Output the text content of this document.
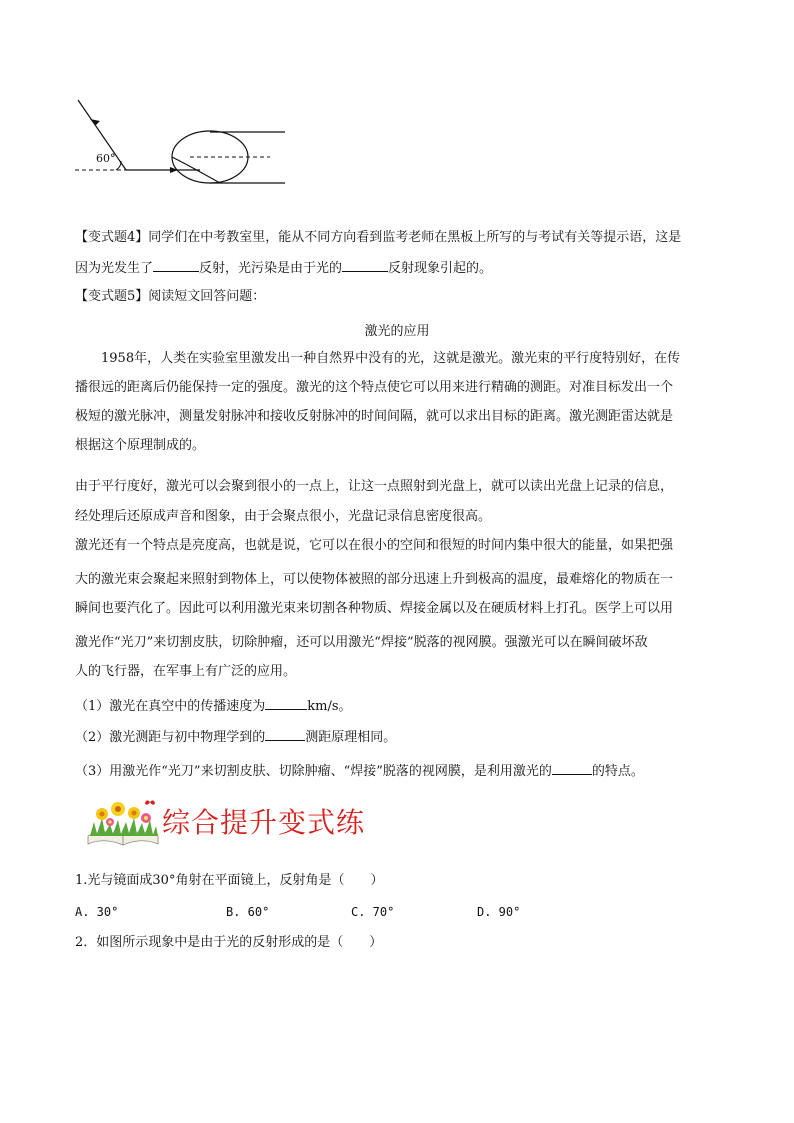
60°
【变式题4】同学们在中考教室里，能从不同方向看到监考老师在黑板上所写的与考试有关等提示语，这是
因为光发生了	反射，光污染是由于光的	反射现象引起的。
【变式题5】阅读短文回答问题：
激光的应用
1958年，人类在实验室里激发出一种自然界中没有的光，这就是激光。激光束的平行度特别好，在传
播很远的距离后仍能保持一定的强度。激光的这个特点使它可以用来进行精确的测距。对准目标发出一个
极短的激光脉冲，测量发射脉冲和接收反射脉冲的时间间隔，就可以求出目标的距离。激光测距雷达就是
根据这个原理制成的。
由于平行度好，激光可以会聚到很小的一点上，让这一点照射到光盘上，就可以读出光盘上记录的信息，
经处理后还原成声音和图象，由于会聚点很小，光盘记录信息密度很高。
激光还有一个特点是亮度高，也就是说，它可以在很小的空间和很短的时间内集中很大的能量，如果把强
大的激光束会聚起来照射到物体上，可以使物体被照的部分迅速上升到极高的温度，最难熔化的物质在一
瞬间也要汽化了。因此可以利用激光束来切割各种物质、焊接金属以及在硬质材料上打孔。医学上可以用
激光作“光刀”来切割皮肤，切除肿瘤，还可以用激光“焊接”脱落的视网膜。强激光可以在瞬间破坏敌
人的飞行器，在军事上有广泛的应用。
（1）激光在真空中的传播速度为	km/s。
（2）激光测距与初中物理学到的	测距原理相同。
（3）用激光作“光刀”来切割皮肤、切除肿瘤、“焊接”脱落的视网膜，是利用激光的	的特点。
综合提升变式练
1.光与镜面成30°角射在平面镜上，反射角是（　　）
A. 30°	B. 60°	C. 70°	D. 90°
2．如图所示现象中是由于光的反射形成的是（　　）
